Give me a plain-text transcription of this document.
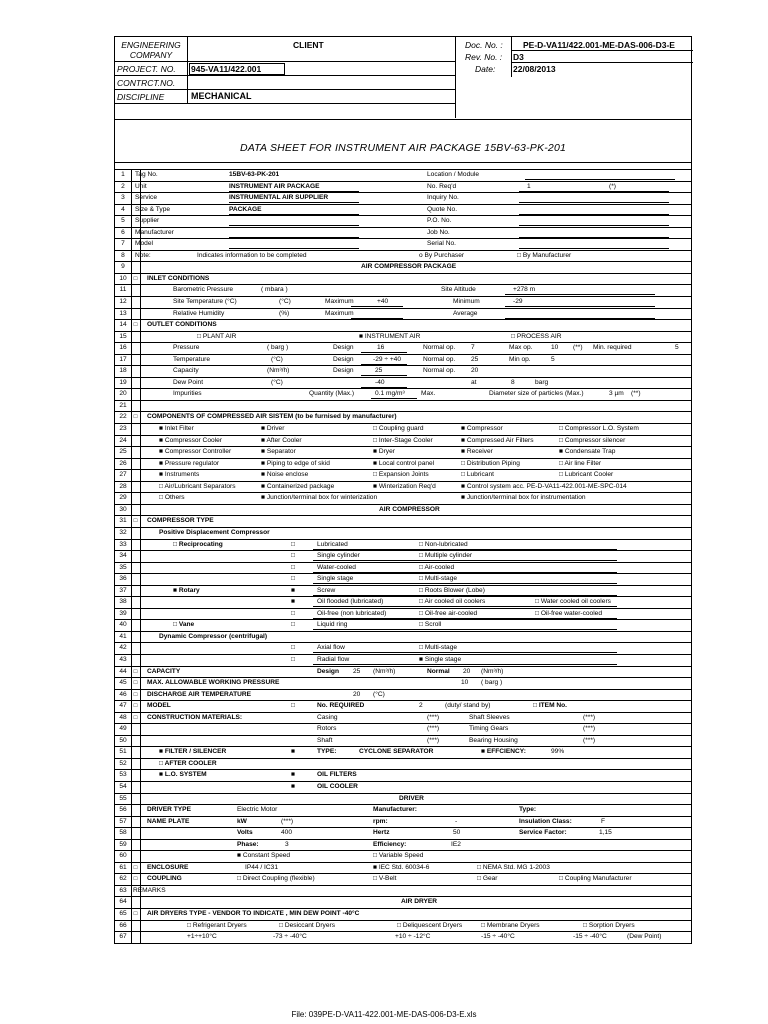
ENGINEERING
COMPANY
PROJECT. NO. 945-VA11/422.001
CONTRCT.NO.
DISCIPLINE	MECHANICAL
CLIENT	Doc. No. : PE-D-VA11/422.001-ME-DAS-006-D3-E
Rev. No. : D3
Date: 22/08/2013
DATA SHEET FOR INSTRUMENT AIR PACKAGE 15BV-63-PK-201
1	Tag No.	15BV-63-PK-201	Location / Module
2	Unit	INSTRUMENT AIR PACKAGE	No. Req'd	1	(*)
3	Service	INSTRUMENTAL AIR SUPPLIER	Inquiry No.
4	Size & Type	PACKAGE	Quote No.
5	Supplier	P.O. No.
6	Manufacturer	Job No.
7	Model	Serial No.
8	Note:	Indicates information to be completed	o By Purchaser	□ By Manufacturer
9	AIR COMPRESSOR PACKAGE
10	□	INLET CONDITIONS
11	Barometric Pressure	( mbara )	Site Altitude	+278 m
12	Site Temperature (°C)	(°C)	Maximum	+40	Minimum	-29
13	Relative Humidity	(%)	Maximum	Average
14	□	OUTLET CONDITIONS
15	□ PLANT AIR	■ INSTRUMENT AIR	□ PROCESS AIR
16	Pressure	( barg )	Design	16	Normal op. 7	Max op.	10 (**) Min. required	5
17	Temperature	(°C)	Design	-29 ÷ +40	Normal op. 25	Min op.	5
18	Capacity	(Nm³/h)	Design	25	Normal op. 20
19	Dew Point	(°C)	-40	at	8	barg
20	Impurities	Quantity (Max.)	0.1 mg/m³ Max.	Diameter size of particles (Max.)	3 µm (**)
21
22	□	COMPONENTS OF COMPRESSED AIR SISTEM (to be furnised by manufacturer)
23	■ Inlet Filter	■ Driver	□ Coupling guard	■ Compressor	□ Compressor L.O. System
24	■ Compressor Cooler	■ After Cooler	□ Inter-Stage Cooler	■ Compressed Air Filters	□ Compressor silencer
25	■ Compressor Controller	■ Separator	■ Dryer	■ Receiver	■ Condensate Trap
26	■ Pressure regulator	■ Piping to edge of skid	■ Local control panel	□ Distribution Piping	□ Air line Filter
27	■ Instruments	■ Noise enclose	□ Expansion Joints	□ Lubricant	□ Lubricant Cooler
28	□ Air/Lubricant Separators	■ Containerized package	■ Winterization Req'd	■ Control system acc. PE-D-VA11-422.001-ME-SPC-014
29	□ Others	■ Junction/terminal box for winterization	■ Junction/terminal box for instrumentation
30	AIR COMPRESSOR
31	□	COMPRESSOR TYPE
32	Positive Displacement Compressor
33	□ Reciprocating	□	Lubricated	□ Non-lubricated
34	□	Single cylinder	□ Multiple cylinder
35	□	Water-cooled	□ Air-cooled
36	□	Single stage	□ Multi-stage
37	■ Rotary	■	Screw	□ Roots Blower (Lobe)
38	■	Oil flooded (lubricated)	□ Air cooled oil coolers	□ Water cooled oil coolers
39	□	Oil-free (non lubricated)	□ Oil-free air-cooled	□ Oil-free water-cooled
40	□ Vane	□	Liquid ring	□ Scroll
41	Dynamic Compressor (centrifugal)
42	□	Axial flow	□ Multi-stage
43	□	Radial flow	■ Single stage
44	□	CAPACITY	Design 25 (Nm³/h)	Normal 20 (Nm³/h)
45	□	MAX. ALLOWABLE WORKING PRESSURE	10 ( barg )
46	□	DISCHARGE AIR TEMPERATURE	20 (°C)
47	□	MODEL	□	No. REQUIRED	2	(duty/ stand by)	□ ITEM No.
48	□	CONSTRUCTION MATERIALS:	Casing	(***)	Shaft Sleeves	(***)
49	Rotors	(***)	Timing Gears	(***)
50	Shaft	(***)	Bearing Housing	(***)
51	■ FILTER / SILENCER	■	TYPE:	CYCLONE SEPARATOR	■ EFFCIENCY:	99%
52	□ AFTER COOLER
53	■ L.O. SYSTEM	■	OIL FILTERS
54	■	OIL COOLER
55	DRIVER
56	DRIVER TYPE	Electric Motor	Manufacturer:	Type:
57	NAME PLATE	kW	(***)	rpm:	-	Insulation Class:	F
58	Volts	400	Hertz	50	Service Factor:	1,15
59	Phase:	3	Efficiency:	IE2
60	■ Constant Speed	□ Variable Speed
61	□	ENCLOSURE	IP44 / IC31	■ IEC Std. 60034-6	□ NEMA Std. MG 1-2003
62	□	COUPLING	□ Direct Coupling (flexible)	□ V-Belt	□ Gear	□ Coupling Manufacturer
63 REMARKS
64	AIR DRYER
65	□	AIR DRYERS TYPE - VENDOR TO INDICATE , MIN DEW POINT -40°C
66	□ Refrigerant Dryers	□ Desiccant Dryers	□ Deliquescent Dryers	□ Membrane Dryers	□ Sorption Dryers
67	+1÷+10°C	-73 ÷ -40°C	+10 ÷ -12°C	-15 ÷ -40°C	-15 ÷ -40°C	(Dew Point)
File: 039PE-D-VA11-422.001-ME-DAS-006-D3-E.xls
